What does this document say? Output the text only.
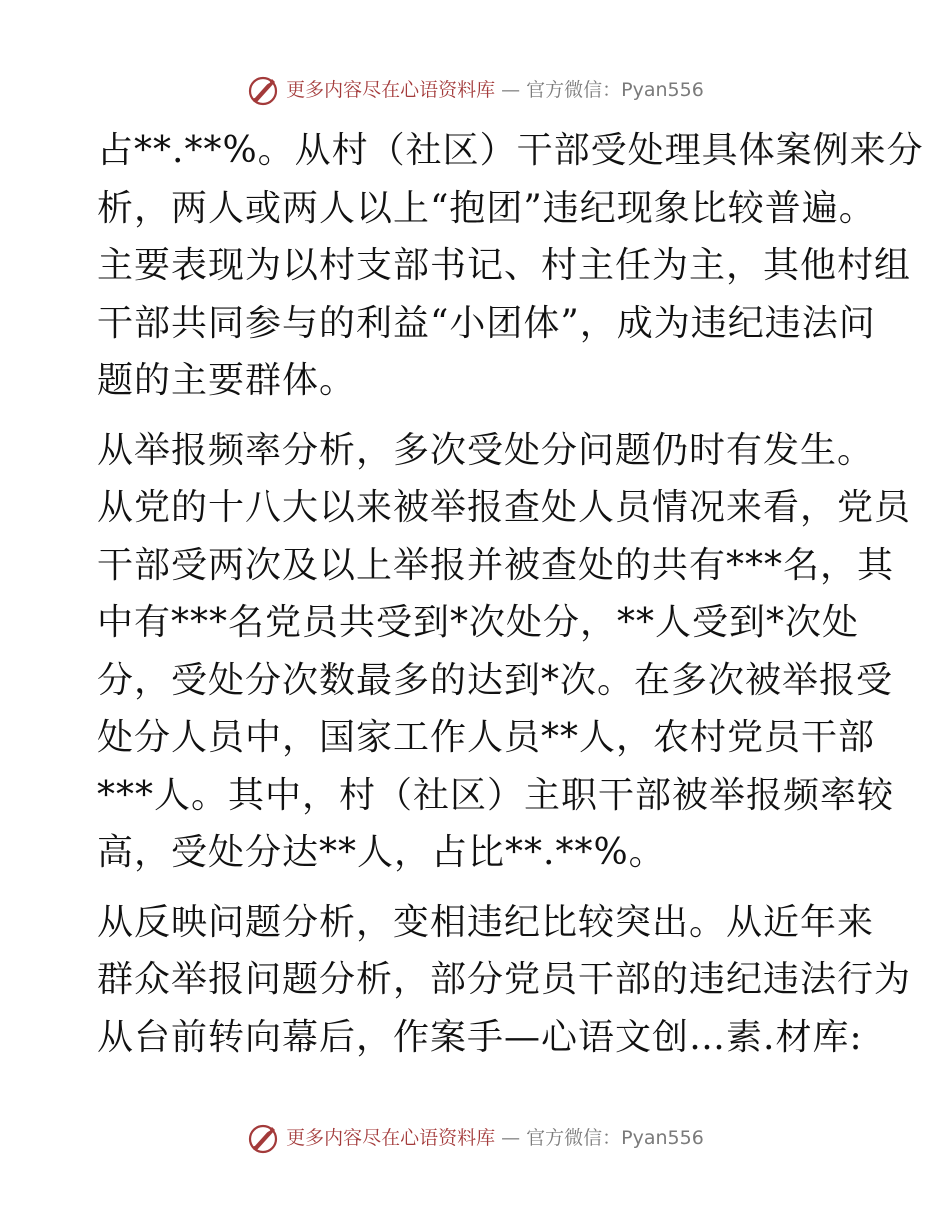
更多内容尽在心语资料库 — 官方微信：Pyan556

占**.**%。从村（社区）干部受处理具体案例来分
析，两人或两人以上“抱团”违纪现象比较普遍。
主要表现为以村支部书记、村主任为主，其他村组
干部共同参与的利益“小团体”，成为违纪违法问
题的主要群体。

从举报频率分析，多次受处分问题仍时有发生。
从党的十八大以来被举报查处人员情况来看，党员
干部受两次及以上举报并被查处的共有***名，其
中有***名党员共受到*次处分，**人受到*次处
分，受处分次数最多的达到*次。在多次被举报受
处分人员中，国家工作人员**人，农村党员干部
***人。其中，村（社区）主职干部被举报频率较
高，受处分达**人，占比**.**%。

从反映问题分析，变相违纪比较突出。从近年来
群众举报问题分析，部分党员干部的违纪违法行为
从台前转向幕后，作案手—心语文创…素.材库:

更多内容尽在心语资料库 — 官方微信：Pyan556
